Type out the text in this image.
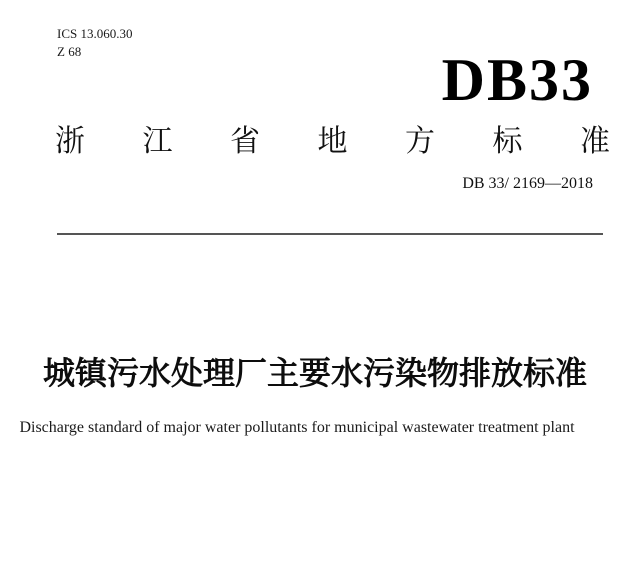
ICS 13.060.30
Z 68	DB33
浙 江 省 地 方 标 准
DB 33/ 2169—2018
城镇污水处理厂主要水污染物排放标准
Discharge standard of major water pollutants for municipal wastewater treatment plant
